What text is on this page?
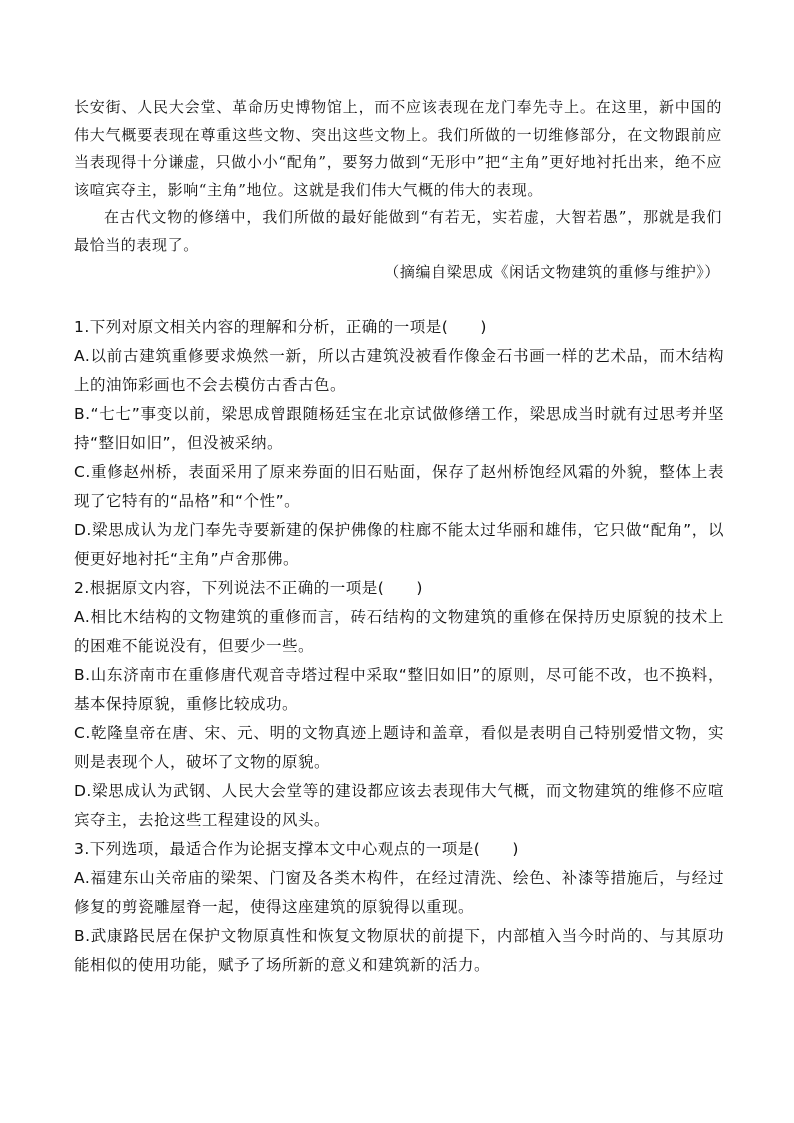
长安街、人民大会堂、革命历史博物馆上，而不应该表现在龙门奉先寺上。在这里，新中国的伟大气概要表现在尊重这些文物、突出这些文物上。我们所做的一切维修部分，在文物跟前应当表现得十分谦虚，只做小小“配角”，要努力做到“无形中”把“主角”更好地衬托出来，绝不应该喧宾夺主，影响“主角”地位。这就是我们伟大气概的伟大的表现。

在古代文物的修缮中，我们所做的最好能做到“有若无，实若虚，大智若愚”，那就是我们最恰当的表现了。

（摘编自梁思成《闲话文物建筑的重修与维护》）

1.下列对原文相关内容的理解和分析，正确的一项是(　　)

A.以前古建筑重修要求焕然一新，所以古建筑没被看作像金石书画一样的艺术品，而木结构上的油饰彩画也不会去模仿古香古色。

B.“七七”事变以前，梁思成曾跟随杨廷宝在北京试做修缮工作，梁思成当时就有过思考并坚持“整旧如旧”，但没被采纳。

C.重修赵州桥，表面采用了原来券面的旧石贴面，保存了赵州桥饱经风霜的外貌，整体上表现了它特有的“品格”和“个性”。

D.梁思成认为龙门奉先寺要新建的保护佛像的柱廊不能太过华丽和雄伟，它只做“配角”，以便更好地衬托“主角”卢舍那佛。

2.根据原文内容，下列说法不正确的一项是(　　)

A.相比木结构的文物建筑的重修而言，砖石结构的文物建筑的重修在保持历史原貌的技术上的困难不能说没有，但要少一些。

B.山东济南市在重修唐代观音寺塔过程中采取“整旧如旧”的原则，尽可能不改，也不换料，基本保持原貌，重修比较成功。

C.乾隆皇帝在唐、宋、元、明的文物真迹上题诗和盖章，看似是表明自己特别爱惜文物，实则是表现个人，破坏了文物的原貌。

D.梁思成认为武钢、人民大会堂等的建设都应该去表现伟大气概，而文物建筑的维修不应喧宾夺主，去抢这些工程建设的风头。

3.下列选项，最适合作为论据支撑本文中心观点的一项是(　　)

A.福建东山关帝庙的梁架、门窗及各类木构件，在经过清洗、绘色、补漆等措施后，与经过修复的剪瓷雕屋脊一起，使得这座建筑的原貌得以重现。

B.武康路民居在保护文物原真性和恢复文物原状的前提下，内部植入当今时尚的、与其原功能相似的使用功能，赋予了场所新的意义和建筑新的活力。
